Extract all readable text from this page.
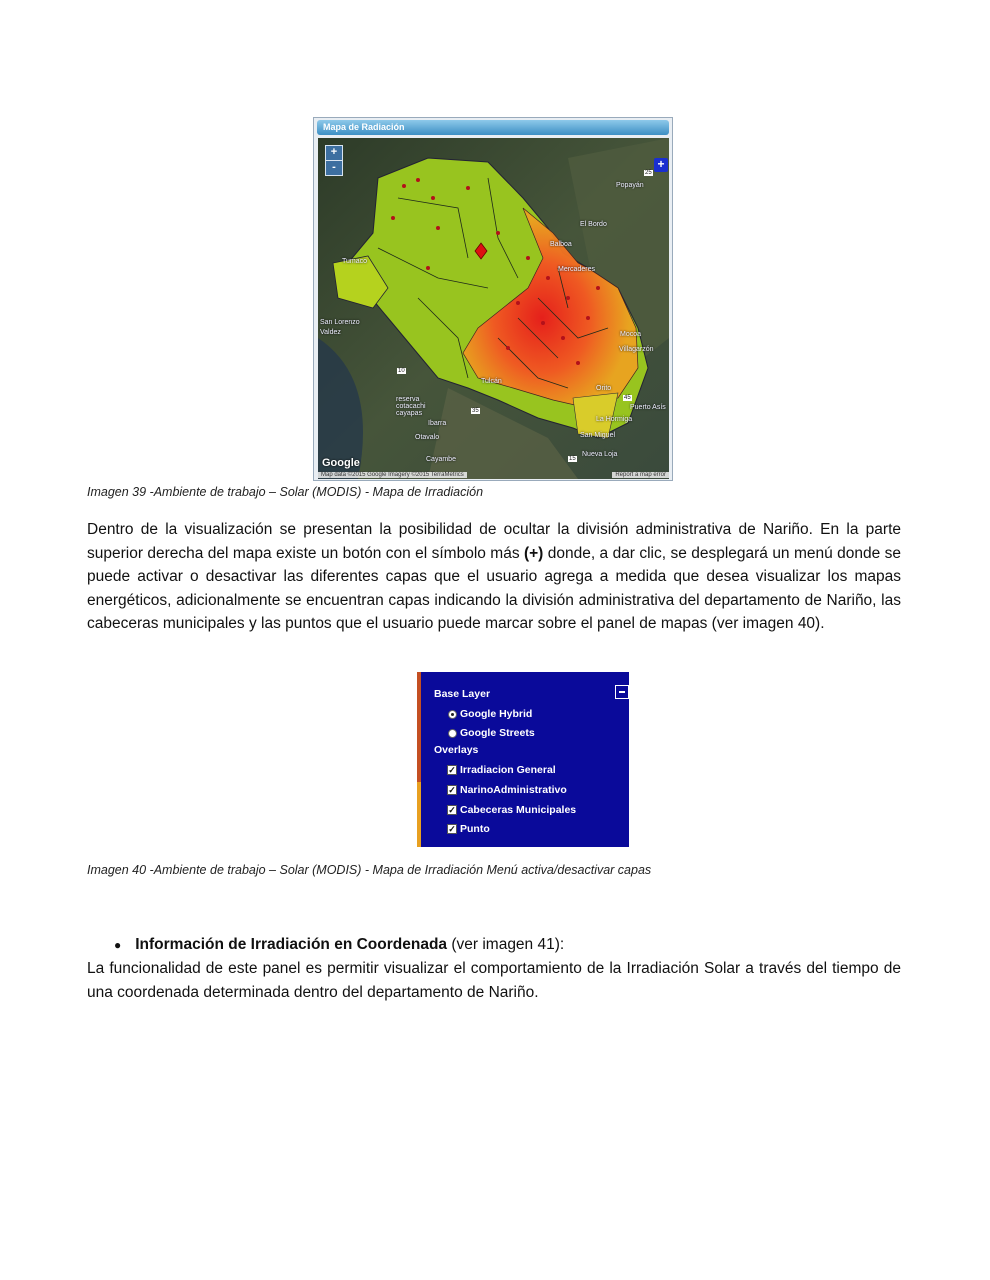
Mapa de Radiación
+
-	+
Popayán
El Bordo
Balboa
Mercaderes
Tumaco
San Lorenzo
Valdez	Mocoa
Villagarzón
Orito
Tulcán
reserva cotacachi cayapas
Ibarra
Otavalo
Cayambe
La Hormiga
San Miguel
Puerto Asís
Nueva Loja
25
10
15
35
45
Google
Map data ©2015 Google Imagery ©2015 TerraMetrics	Report a map error
Imagen 39 -Ambiente de trabajo – Solar (MODIS) - Mapa de Irradiación
Dentro de la visualización se presentan la posibilidad de ocultar la división administrativa de Nariño. En la parte superior derecha del mapa existe un botón con el símbolo más (+) donde, a dar clic, se desplegará un menú donde se puede activar o desactivar las diferentes capas que el usuario agrega a medida que desea visualizar los mapas energéticos, adicionalmente se encuentran capas indicando la división administrativa del departamento de Nariño, las cabeceras municipales y las puntos que el usuario puede marcar sobre el panel de mapas (ver imagen 40).
Base Layer
Google Hybrid
Google Streets
Overlays
✓ Irradiacion General
✓ NarinoAdministrativo
✓ Cabeceras Municipales
✓ Punto
Imagen 40 -Ambiente de trabajo – Solar (MODIS) - Mapa de Irradiación Menú activa/desactivar capas
● Información de Irradiación en Coordenada (ver imagen 41):
La funcionalidad de este panel es permitir visualizar el comportamiento de la Irradiación Solar a través del tiempo de una coordenada determinada dentro del departamento de Nariño.
